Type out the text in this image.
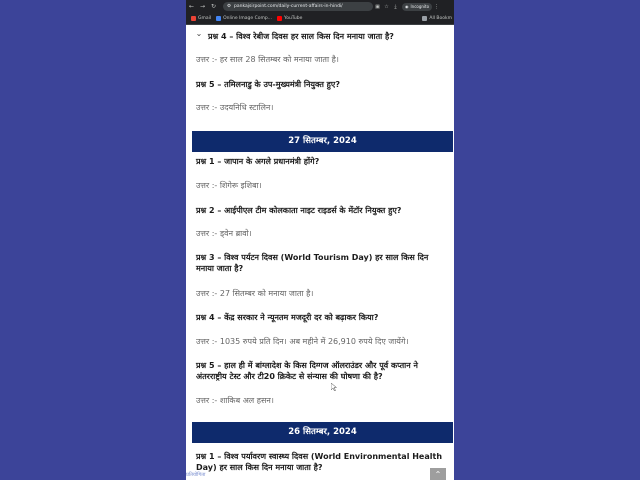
← → ↻	⚙ pankajsirpoint.com/daily-current-affairs-in-hindi/	▣ ☆	⤓	◉ Incognito	⋮
Gmail	Online Image Comp...	YouTube	All Bookm
⌄ प्रश्न 4 – विश्व रेबीज दिवस हर साल किस दिन मनाया जाता है?
उत्तर :- हर साल 28 सितम्बर को मनाया जाता है।
प्रश्न 5 – तमिलनाडु के उप-मुख्यमंत्री नियुक्त हुए?
उत्तर :- उदयनिधि स्टालिन।
27 सितम्बर, 2024
प्रश्न 1 – जापान के अगले प्रधानमंत्री होंगे?
उत्तर :- शिगेरू इशिबा।
प्रश्न 2 – आईपीएल टीम कोलकाता नाइट राइडर्स के मेंटॉर नियुक्त हुए?
उत्तर :- ड्वेन ब्रावो।
प्रश्न 3 – विश्व पर्यटन दिवस (World Tourism Day) हर साल किस दिन मनाया जाता है?
उत्तर :- 27 सितम्बर को मनाया जाता है।
प्रश्न 4 – केंद्र सरकार ने न्यूनतम मजदूरी दर को बढ़ाकर किया?
उत्तर :- 1035 रुपये प्रति दिन। अब महीने में 26,910 रुपये दिए जायेंगे।
प्रश्न 5 – हाल ही में बांग्लादेश के किस दिग्गज ऑलराउंडर और पूर्व कप्तान ने अंतरराष्ट्रीय टेस्ट और टी20 क्रिकेट से संन्यास की घोषणा की है?
उत्तर :- शाकिब अल हसन।
26 सितम्बर, 2024
प्रश्न 1 – विश्व पर्यावरण स्वास्थ्य दिवस (World Environmental Health Day) हर साल किस दिन मनाया जाता है?
प्रतियोगिता	⌃
